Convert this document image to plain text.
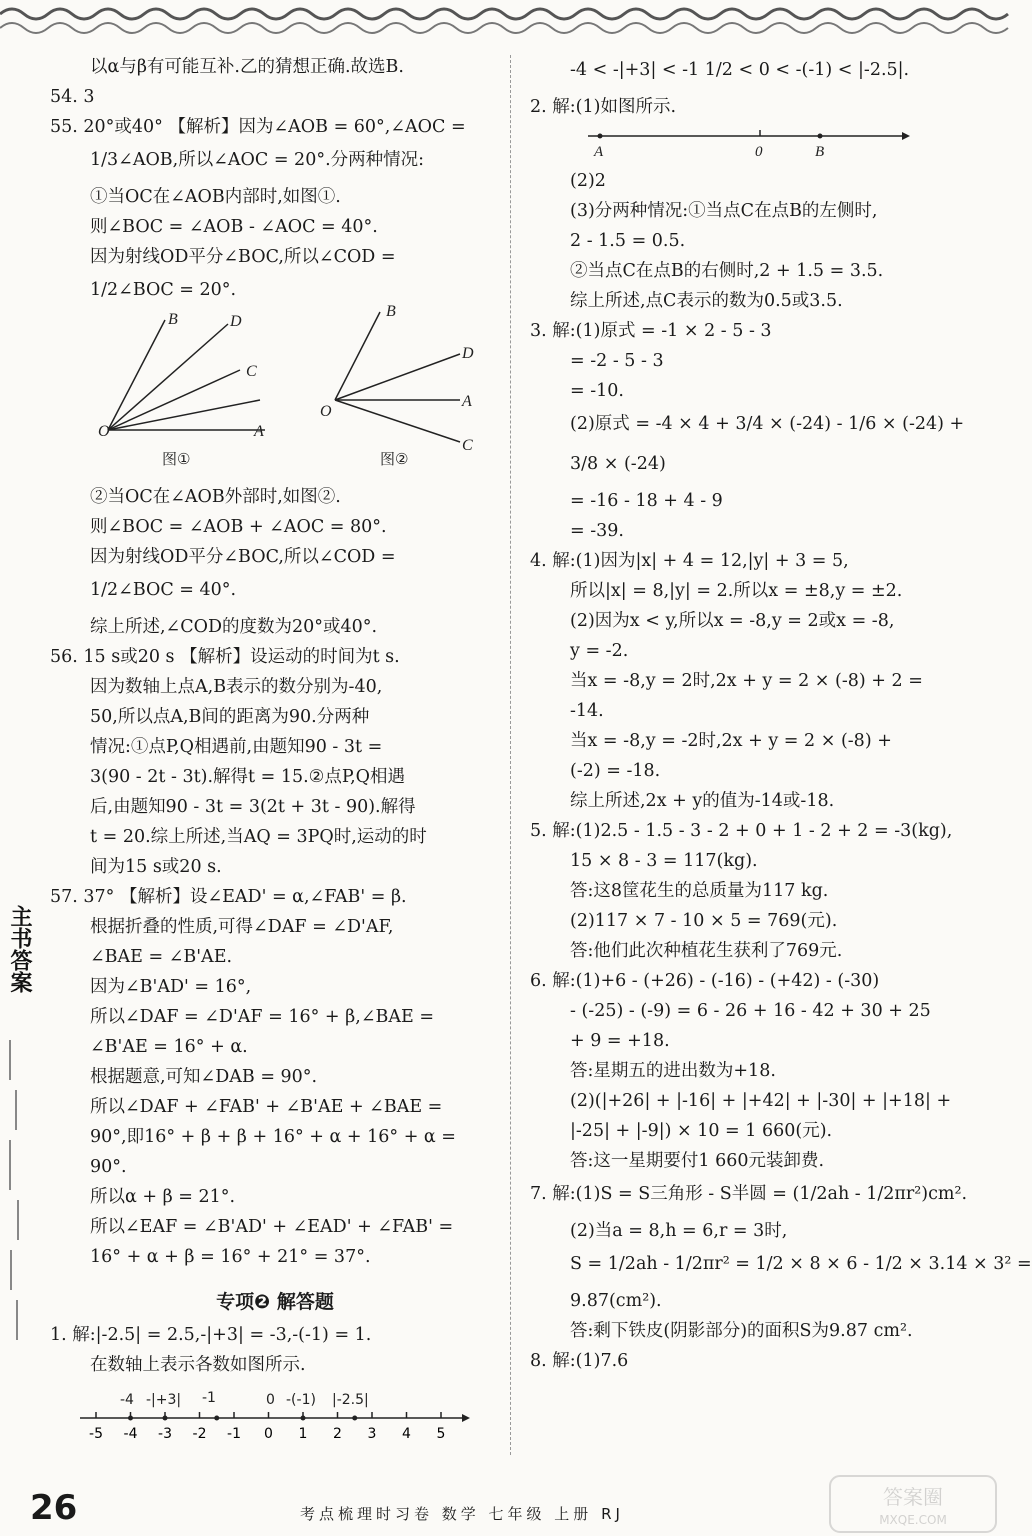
主书答案
以α与β有可能互补.乙的猜想正确.故选B.
54. 3
55. 20°或40° 【解析】因为∠AOB = 60°,∠AOC =
1/3∠AOB,所以∠AOC = 20°.分两种情况:
①当OC在∠AOB内部时,如图①.
则∠BOC = ∠AOB - ∠AOC = 40°.
因为射线OD平分∠BOC,所以∠COD =
1/2∠BOC = 20°.
B	D
C
O	A
图①
B
D
A
O
C
图②
②当OC在∠AOB外部时,如图②.
则∠BOC = ∠AOB + ∠AOC = 80°.
因为射线OD平分∠BOC,所以∠COD =
1/2∠BOC = 40°.
综上所述,∠COD的度数为20°或40°.
56. 15 s或20 s 【解析】设运动的时间为t s.
因为数轴上点A,B表示的数分别为-40,
50,所以点A,B间的距离为90.分两种
情况:①点P,Q相遇前,由题知90 - 3t =
3(90 - 2t - 3t).解得t = 15.②点P,Q相遇
后,由题知90 - 3t = 3(2t + 3t - 90).解得
t = 20.综上所述,当AQ = 3PQ时,运动的时
间为15 s或20 s.
57. 37° 【解析】设∠EAD' = α,∠FAB' = β.
根据折叠的性质,可得∠DAF = ∠D'AF,
∠BAE = ∠B'AE.
因为∠B'AD' = 16°,
所以∠DAF = ∠D'AF = 16° + β,∠BAE =
∠B'AE = 16° + α.
根据题意,可知∠DAB = 90°.
所以∠DAF + ∠FAB' + ∠B'AE + ∠BAE =
90°,即16° + β + β + 16° + α + 16° + α =
90°.
所以α + β = 21°.
所以∠EAF = ∠B'AD' + ∠EAD' + ∠FAB' =
16° + α + β = 16° + 21° = 37°.
专项❷ 解答题
1. 解:|-2.5| = 2.5,-|+3| = -3,-(-1) = 1.
在数轴上表示各数如图所示.
-5 -4 -3 -2 -1 0 1 2 3 4 5
-4 -|+3| -1	0 -(-1) |-2.5|
-4 < -|+3| < -1 1/2 < 0 < -(-1) < |-2.5|.
2. 解:(1)如图所示.
A	0	B
(2)2
(3)分两种情况:①当点C在点B的左侧时,
2 - 1.5 = 0.5.
②当点C在点B的右侧时,2 + 1.5 = 3.5.
综上所述,点C表示的数为0.5或3.5.
3. 解:(1)原式 = -1 × 2 - 5 - 3
= -2 - 5 - 3
= -10.
(2)原式 = -4 × 4 + 3/4 × (-24) - 1/6 × (-24) +
3/8 × (-24)
= -16 - 18 + 4 - 9
= -39.
4. 解:(1)因为|x| + 4 = 12,|y| + 3 = 5,
所以|x| = 8,|y| = 2.所以x = ±8,y = ±2.
(2)因为x < y,所以x = -8,y = 2或x = -8,
y = -2.
当x = -8,y = 2时,2x + y = 2 × (-8) + 2 =
-14.
当x = -8,y = -2时,2x + y = 2 × (-8) +
(-2) = -18.
综上所述,2x + y的值为-14或-18.
5. 解:(1)2.5 - 1.5 - 3 - 2 + 0 + 1 - 2 + 2 = -3(kg),
15 × 8 - 3 = 117(kg).
答:这8筐花生的总质量为117 kg.
(2)117 × 7 - 10 × 5 = 769(元).
答:他们此次种植花生获利了769元.
6. 解:(1)+6 - (+26) - (-16) - (+42) - (-30)
- (-25) - (-9) = 6 - 26 + 16 - 42 + 30 + 25
+ 9 = +18.
答:星期五的进出数为+18.
(2)(|+26| + |-16| + |+42| + |-30| + |+18| +
|-25| + |-9|) × 10 = 1 660(元).
答:这一星期要付1 660元装卸费.
7. 解:(1)S = S三角形 - S半圆 = (1/2ah - 1/2πr²)cm².
(2)当a = 8,h = 6,r = 3时,
S = 1/2ah - 1/2πr² = 1/2 × 8 × 6 - 1/2 × 3.14 × 3² =
9.87(cm²).
答:剩下铁皮(阴影部分)的面积S为9.87 cm².
8. 解:(1)7.6
26	考点梳理时习卷 数学 七年级 上册 RJ
答案圈
MXQE.COM
